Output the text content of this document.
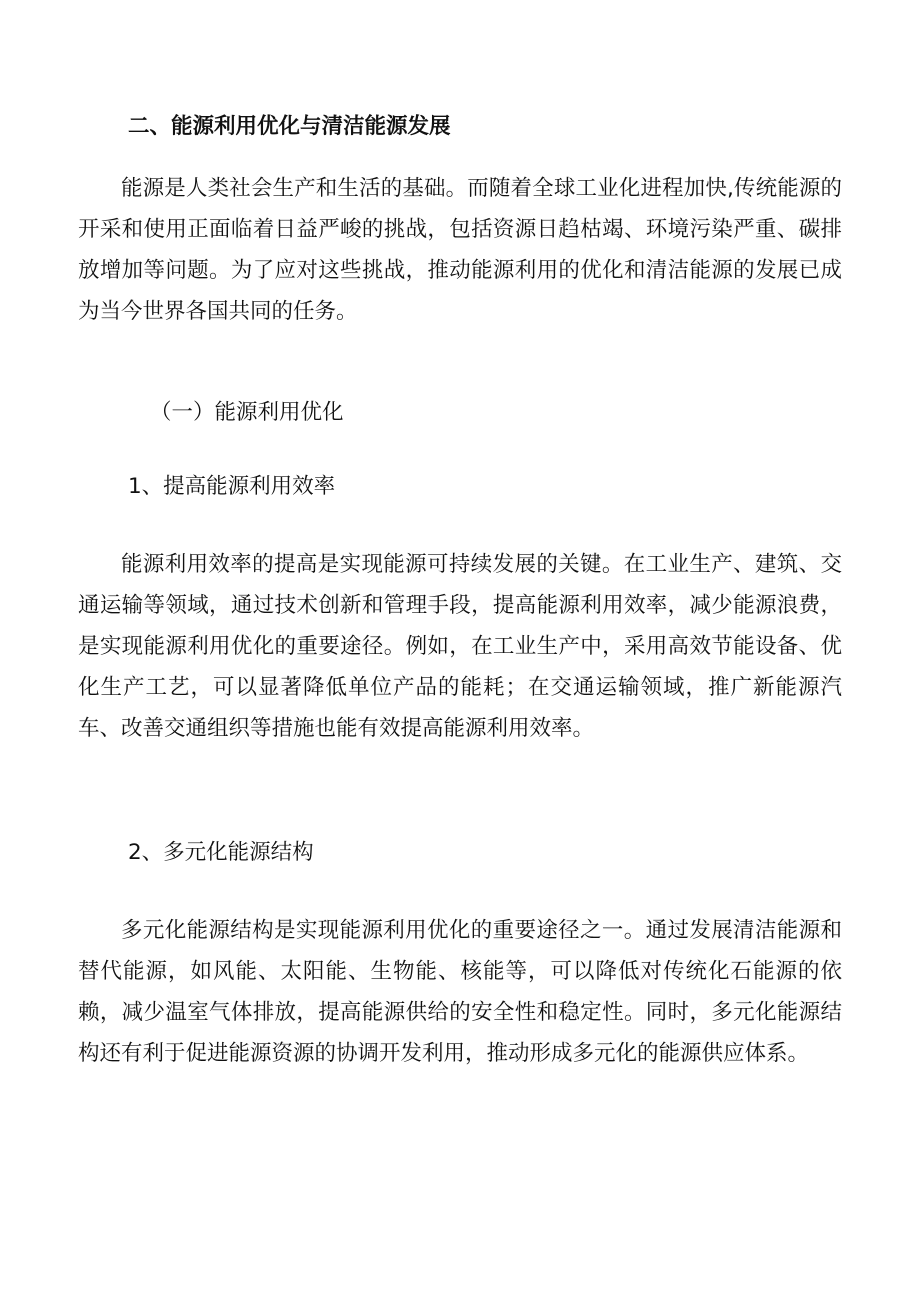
二、能源利用优化与清洁能源发展

能源是人类社会生产和生活的基础。而随着全球工业化进程加快,传统能源的开采和使用正面临着日益严峻的挑战，包括资源日趋枯竭、环境污染严重、碳排放增加等问题。为了应对这些挑战，推动能源利用的优化和清洁能源的发展已成为当今世界各国共同的任务。

（一）能源利用优化
1、提高能源利用效率

能源利用效率的提高是实现能源可持续发展的关键。在工业生产、建筑、交通运输等领域，通过技术创新和管理手段，提高能源利用效率，减少能源浪费，是实现能源利用优化的重要途径。例如，在工业生产中，采用高效节能设备、优化生产工艺，可以显著降低单位产品的能耗；在交通运输领域，推广新能源汽车、改善交通组织等措施也能有效提高能源利用效率。

2、多元化能源结构

多元化能源结构是实现能源利用优化的重要途径之一。通过发展清洁能源和替代能源，如风能、太阳能、生物能、核能等，可以降低对传统化石能源的依赖，减少温室气体排放，提高能源供给的安全性和稳定性。同时，多元化能源结构还有利于促进能源资源的协调开发利用，推动形成多元化的能源供应体系。
